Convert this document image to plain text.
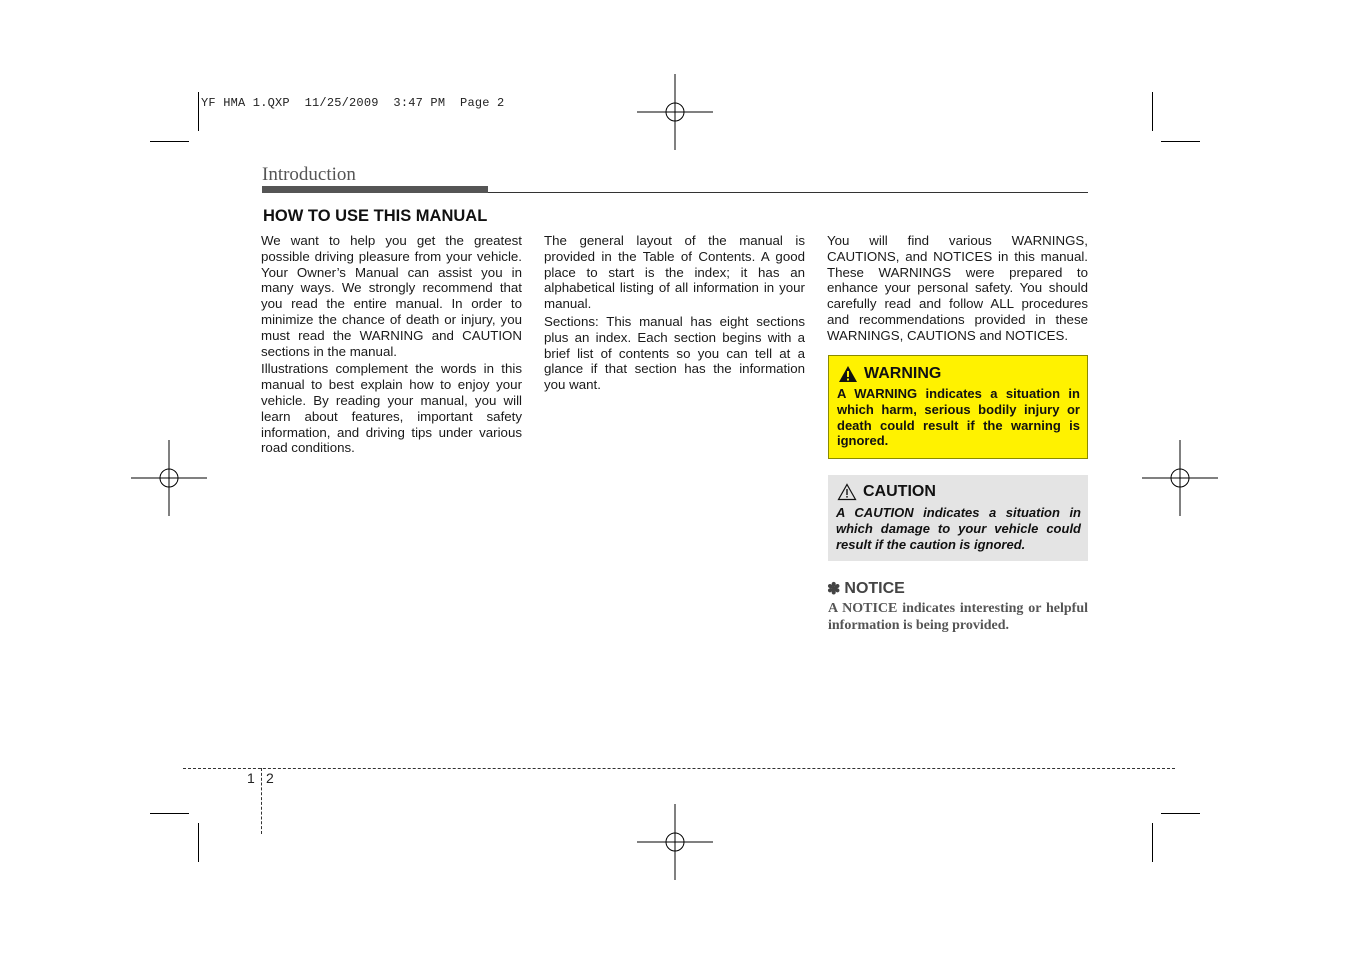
YF HMA 1.QXP  11/25/2009  3:47 PM  Page 2
Introduction
HOW TO USE THIS MANUAL

We want to help you get the greatest possible driving pleasure from your vehicle. Your Owner’s Manual can assist you in many ways. We strongly recommend that you read the entire manual. In order to minimize the chance of death or injury, you must read the WARNING and CAUTION sections in the manual.

Illustrations complement the words in this manual to best explain how to enjoy your vehicle. By reading your manual, you will learn about features, important safety information, and driving tips under various road conditions.

The general layout of the manual is provided in the Table of Contents. A good place to start is the index; it has an alphabetical listing of all information in your manual.

Sections: This manual has eight sections plus an index. Each section begins with a brief list of contents so you can tell at a glance if that section has the information you want.

You will find various WARNINGS, CAUTIONS, and NOTICES in this manual. These WARNINGS were prepared to enhance your personal safety. You should carefully read and follow ALL procedures and recommendations provided in these WARNINGS, CAUTIONS and NOTICES.

WARNING
A WARNING indicates a situation in which harm, serious bodily injury or death could result if the warning is ignored.
CAUTION
A CAUTION indicates a situation in which damage to your vehicle could result if the caution is ignored.
✽ NOTICE
A NOTICE indicates interesting or helpful information is being provided.
1 2
